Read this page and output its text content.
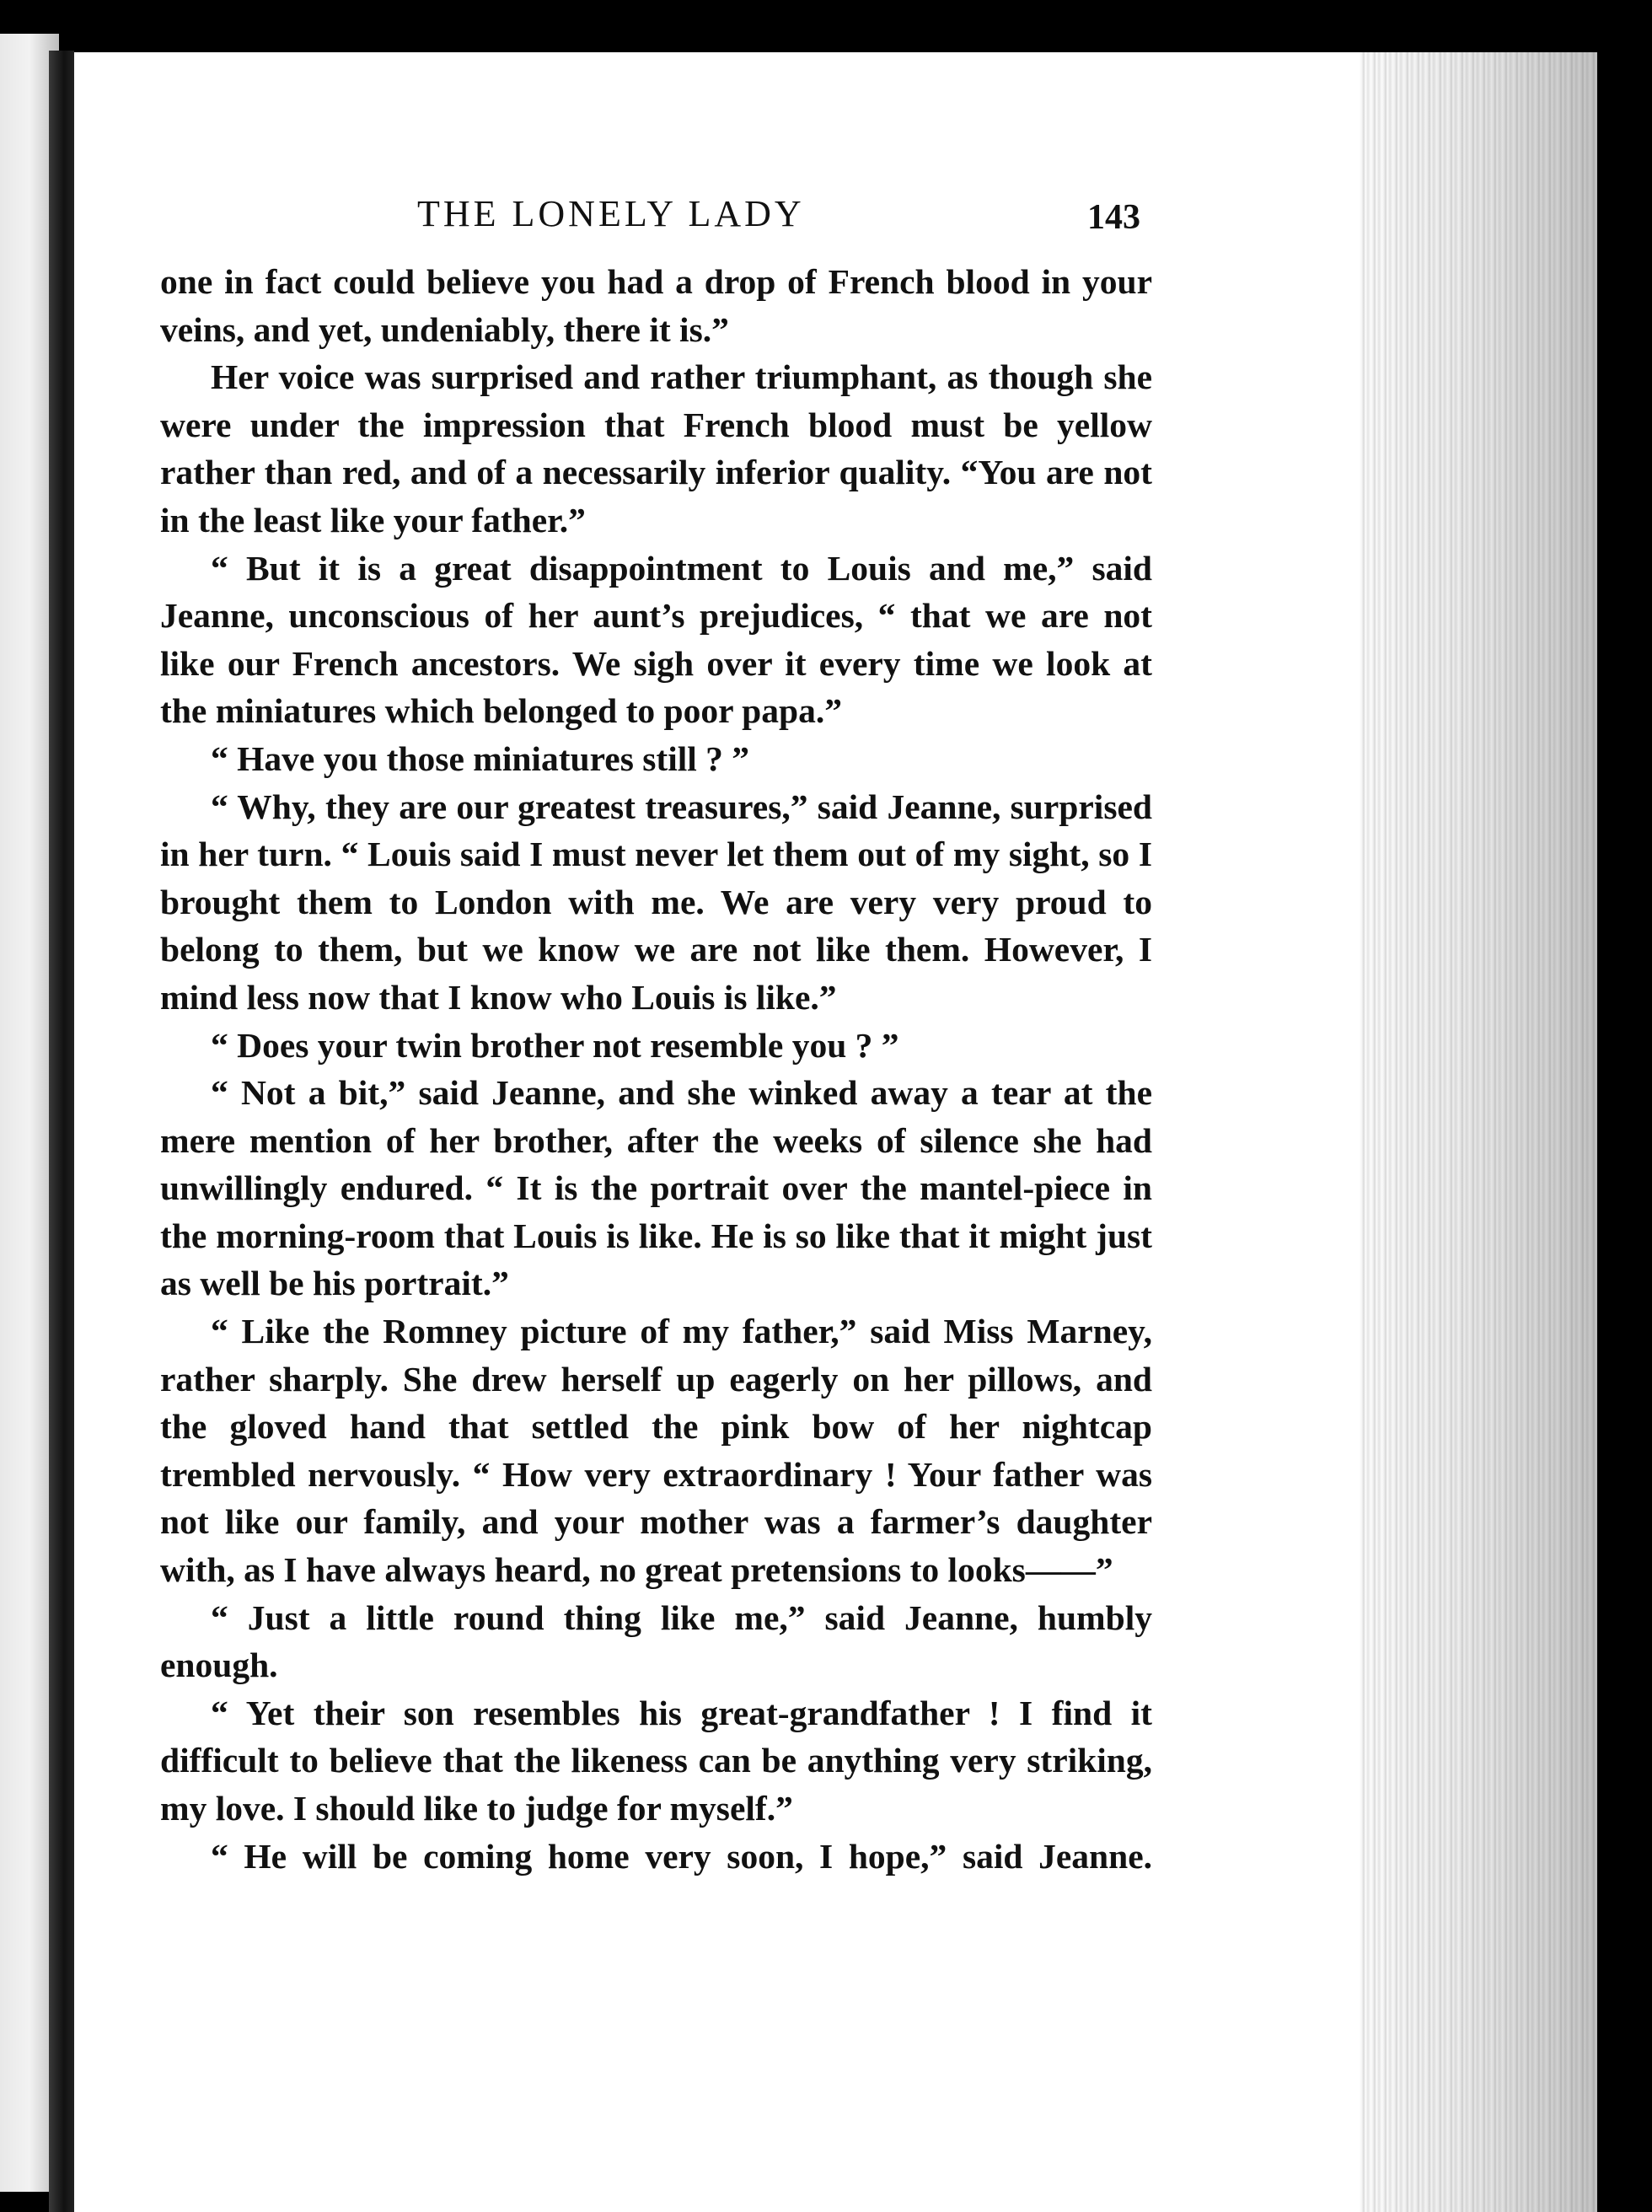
THE LONELY LADY	143

one in fact could believe you had a drop of French blood in your veins, and yet, undeniably, there it is.”

Her voice was surprised and rather triumphant, as though she were under the impression that French blood must be yellow rather than red, and of a necessarily inferior quality. “You are not in the least like your father.”

“ But it is a great disappointment to Louis and me,” said Jeanne, unconscious of her aunt’s prejudices, “ that we are not like our French ancestors. We sigh over it every time we look at the miniatures which belonged to poor papa.”

“ Have you those miniatures still ? ”

“ Why, they are our greatest treasures,” said Jeanne, surprised in her turn. “ Louis said I must never let them out of my sight, so I brought them to London with me. We are very very proud to belong to them, but we know we are not like them. However, I mind less now that I know who Louis is like.”

“ Does your twin brother not resemble you ? ”

“ Not a bit,” said Jeanne, and she winked away a tear at the mere mention of her brother, after the weeks of silence she had unwillingly endured. “ It is the portrait over the mantel-piece in the morning-room that Louis is like. He is so like that it might just as well be his portrait.”

“ Like the Romney picture of my father,” said Miss Marney, rather sharply. She drew herself up eagerly on her pillows, and the gloved hand that settled the pink bow of her nightcap trembled nervously. “ How very extraordinary ! Your father was not like our family, and your mother was a farmer’s daughter with, as I have always heard, no great pretensions to looks——”

“ Just a little round thing like me,” said Jeanne, humbly enough.

“ Yet their son resembles his great-grandfather ! I find it difficult to believe that the likeness can be anything very striking, my love. I should like to judge for myself.”

“ He will be coming home very soon, I hope,” said Jeanne.
